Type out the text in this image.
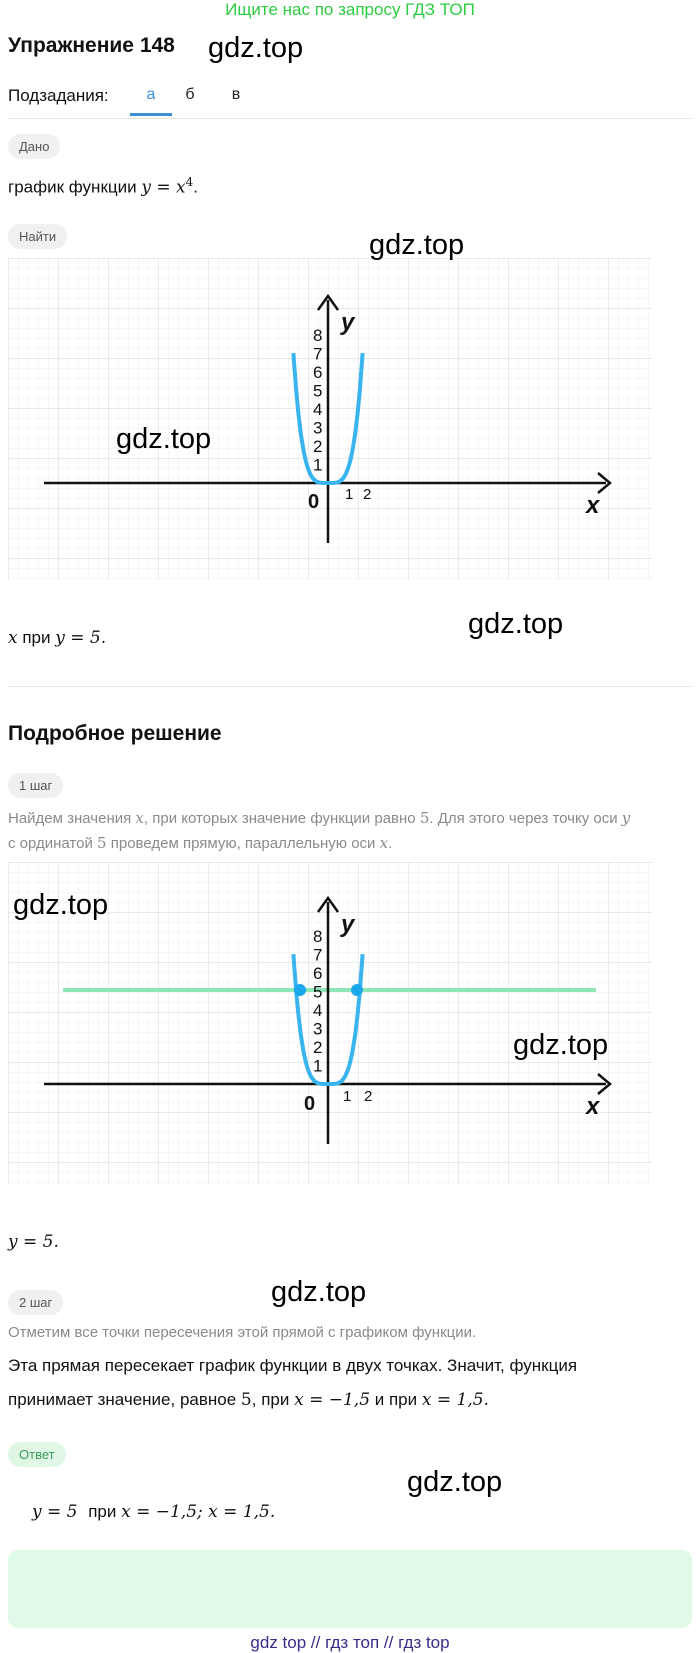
Ищите нас по запросу ГДЗ ТОП
Упражнение 148 gdz.top
Подзадания:	а	б	в
Дано
график функции $y = x^4$.
Найти
1
2
3
4
5
6
7
8
0 1 2	x
y
gdz.top
gdz.top
x при y = 5.	gdz.top
Подробное решение
1 шаг
Найдем значения x, при которых значение функции равно 5. Для этого через точку оси y
с ординатой 5 проведем прямую, параллельную оси x.
1
2
3
4
5
6
7
8
0 1 2	x
y
gdz.top
gdz.top
y = 5.
2 шаг	gdz.top
Отметим все точки пересечения этой прямой с графиком функции.
Эта прямая пересекает график функции в двух точках. Значит, функция
принимает значение, равное 5, при x = −1,5 и при x = 1,5.
Ответ
gdz.top
y = 5 при x = −1,5; x = 1,5.
gdz top // гдз топ // гдз top
